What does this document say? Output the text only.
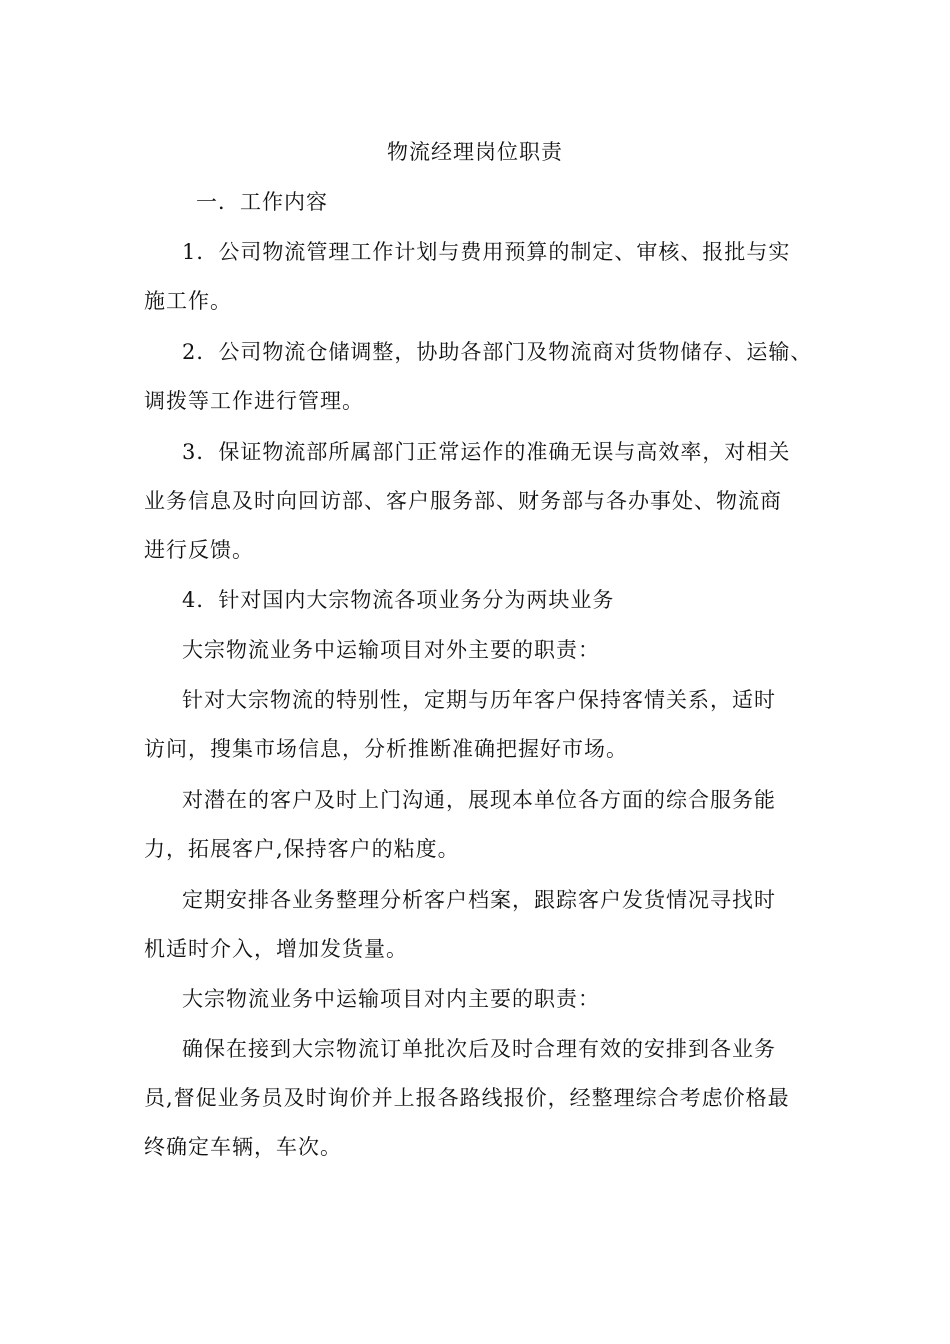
物流经理岗位职责
一．工作内容
1．公司物流管理工作计划与费用预算的制定、审核、报批与实
施工作。
2．公司物流仓储调整，协助各部门及物流商对货物储存、运输、
调拨等工作进行管理。
3．保证物流部所属部门正常运作的准确无误与高效率，对相关
业务信息及时向回访部、客户服务部、财务部与各办事处、物流商
进行反馈。
4．针对国内大宗物流各项业务分为两块业务
大宗物流业务中运输项目对外主要的职责：
针对大宗物流的特别性，定期与历年客户保持客情关系，适时
访问，搜集市场信息，分析推断准确把握好市场。
对潜在的客户及时上门沟通，展现本单位各方面的综合服务能
力，拓展客户,保持客户的粘度。
定期安排各业务整理分析客户档案，跟踪客户发货情况寻找时
机适时介入，增加发货量。
大宗物流业务中运输项目对内主要的职责：
确保在接到大宗物流订单批次后及时合理有效的安排到各业务
员,督促业务员及时询价并上报各路线报价，经整理综合考虑价格最
终确定车辆，车次。
